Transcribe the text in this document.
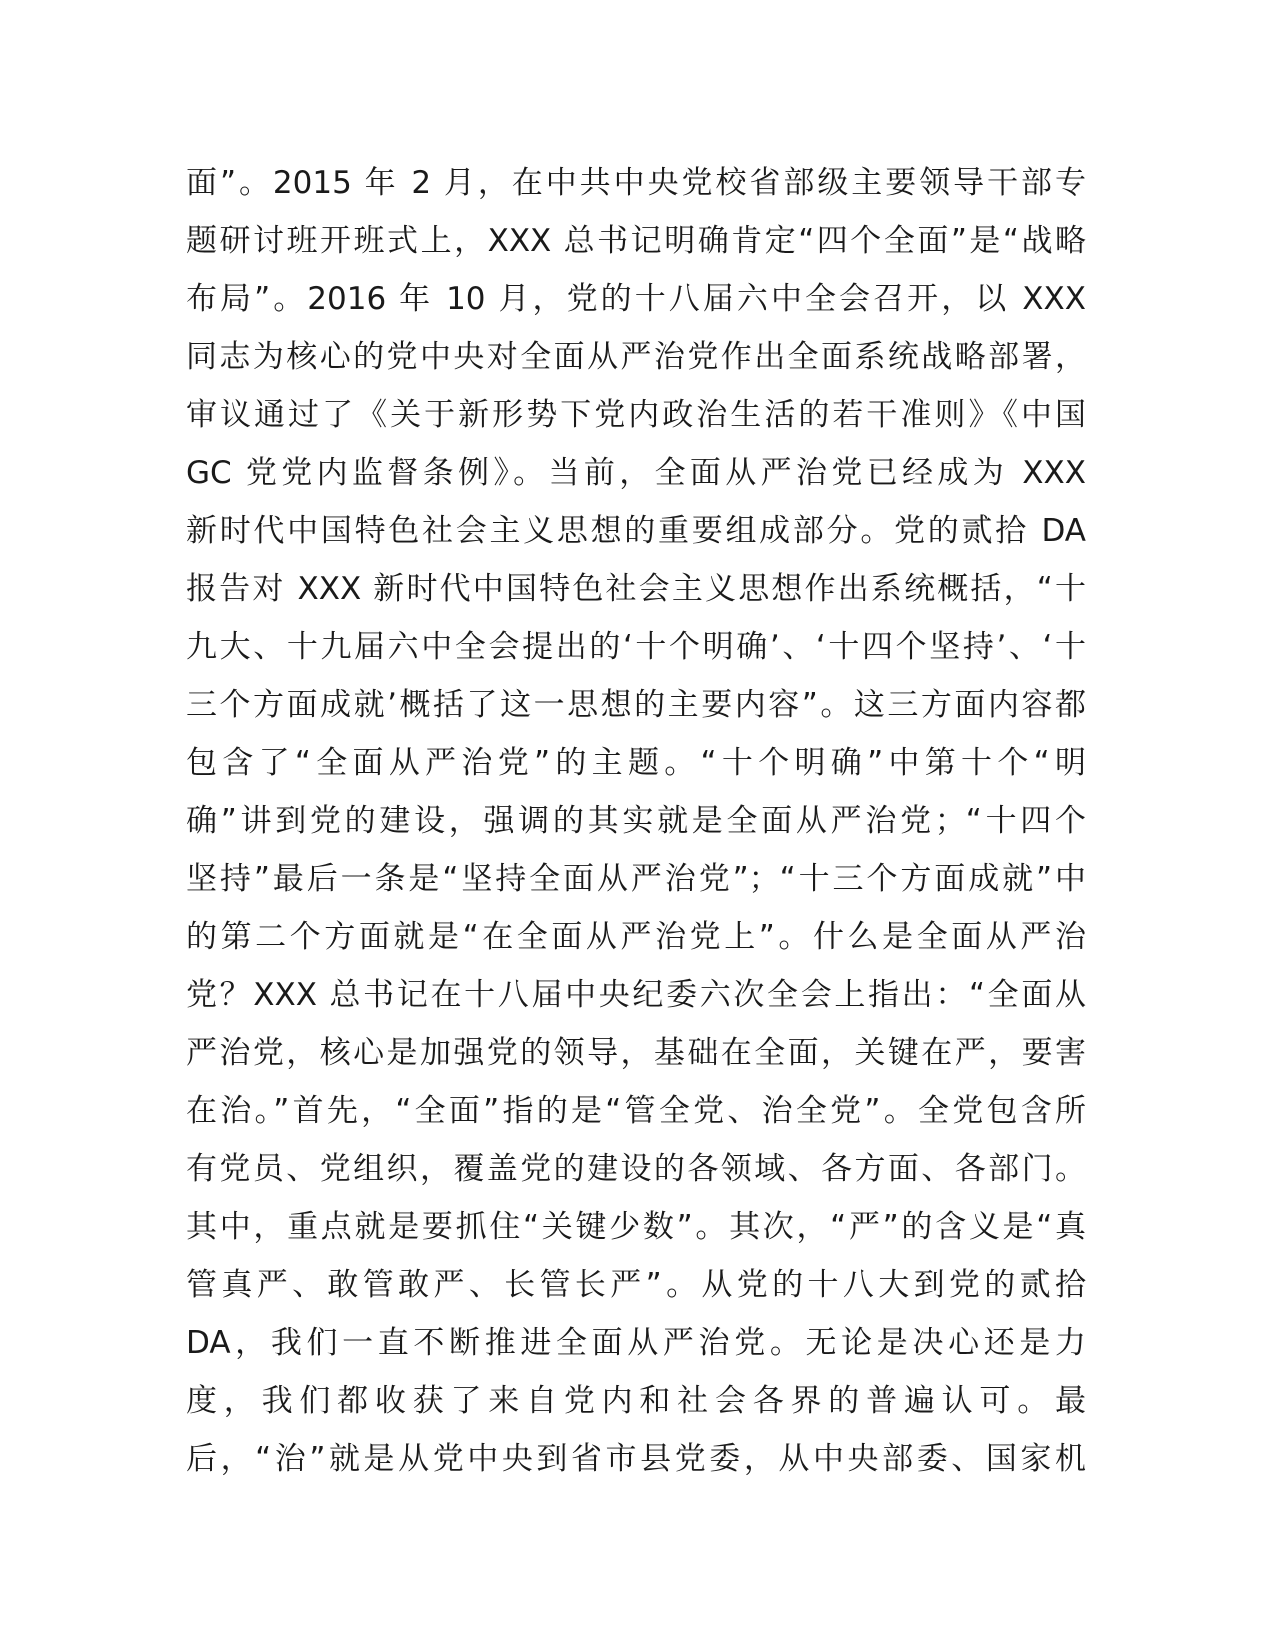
面”。2015 年 2 月，在中共中央党校省部级主要领导干部专
题研讨班开班式上，XXX 总书记明确肯定“四个全面”是“战略
布局”。2016 年 10 月，党的十八届六中全会召开，以 XXX
同志为核心的党中央对全面从严治党作出全面系统战略部署，
审议通过了《关于新形势下党内政治生活的若干准则》《中国
GC 党党内监督条例》。当前，全面从严治党已经成为 XXX
新时代中国特色社会主义思想的重要组成部分。党的贰拾 DA
报告对 XXX 新时代中国特色社会主义思想作出系统概括，“十
九大、十九届六中全会提出的‘十个明确’、‘十四个坚持’、‘十
三个方面成就’概括了这一思想的主要内容”。这三方面内容都
包含了“全面从严治党”的主题。“十个明确”中第十个“明
确”讲到党的建设，强调的其实就是全面从严治党；“十四个
坚持”最后一条是“坚持全面从严治党”；“十三个方面成就”中
的第二个方面就是“在全面从严治党上”。什么是全面从严治
党？XXX 总书记在十八届中央纪委六次全会上指出：“全面从
严治党，核心是加强党的领导，基础在全面，关键在严，要害
在治。”首先，“全面”指的是“管全党、治全党”。全党包含所
有党员、党组织，覆盖党的建设的各领域、各方面、各部门。
其中，重点就是要抓住“关键少数”。其次，“严”的含义是“真
管真严、敢管敢严、长管长严”。从党的十八大到党的贰拾
DA，我们一直不断推进全面从严治党。无论是决心还是力
度，我们都收获了来自党内和社会各界的普遍认可。最
后，“治”就是从党中央到省市县党委，从中央部委、国家机
